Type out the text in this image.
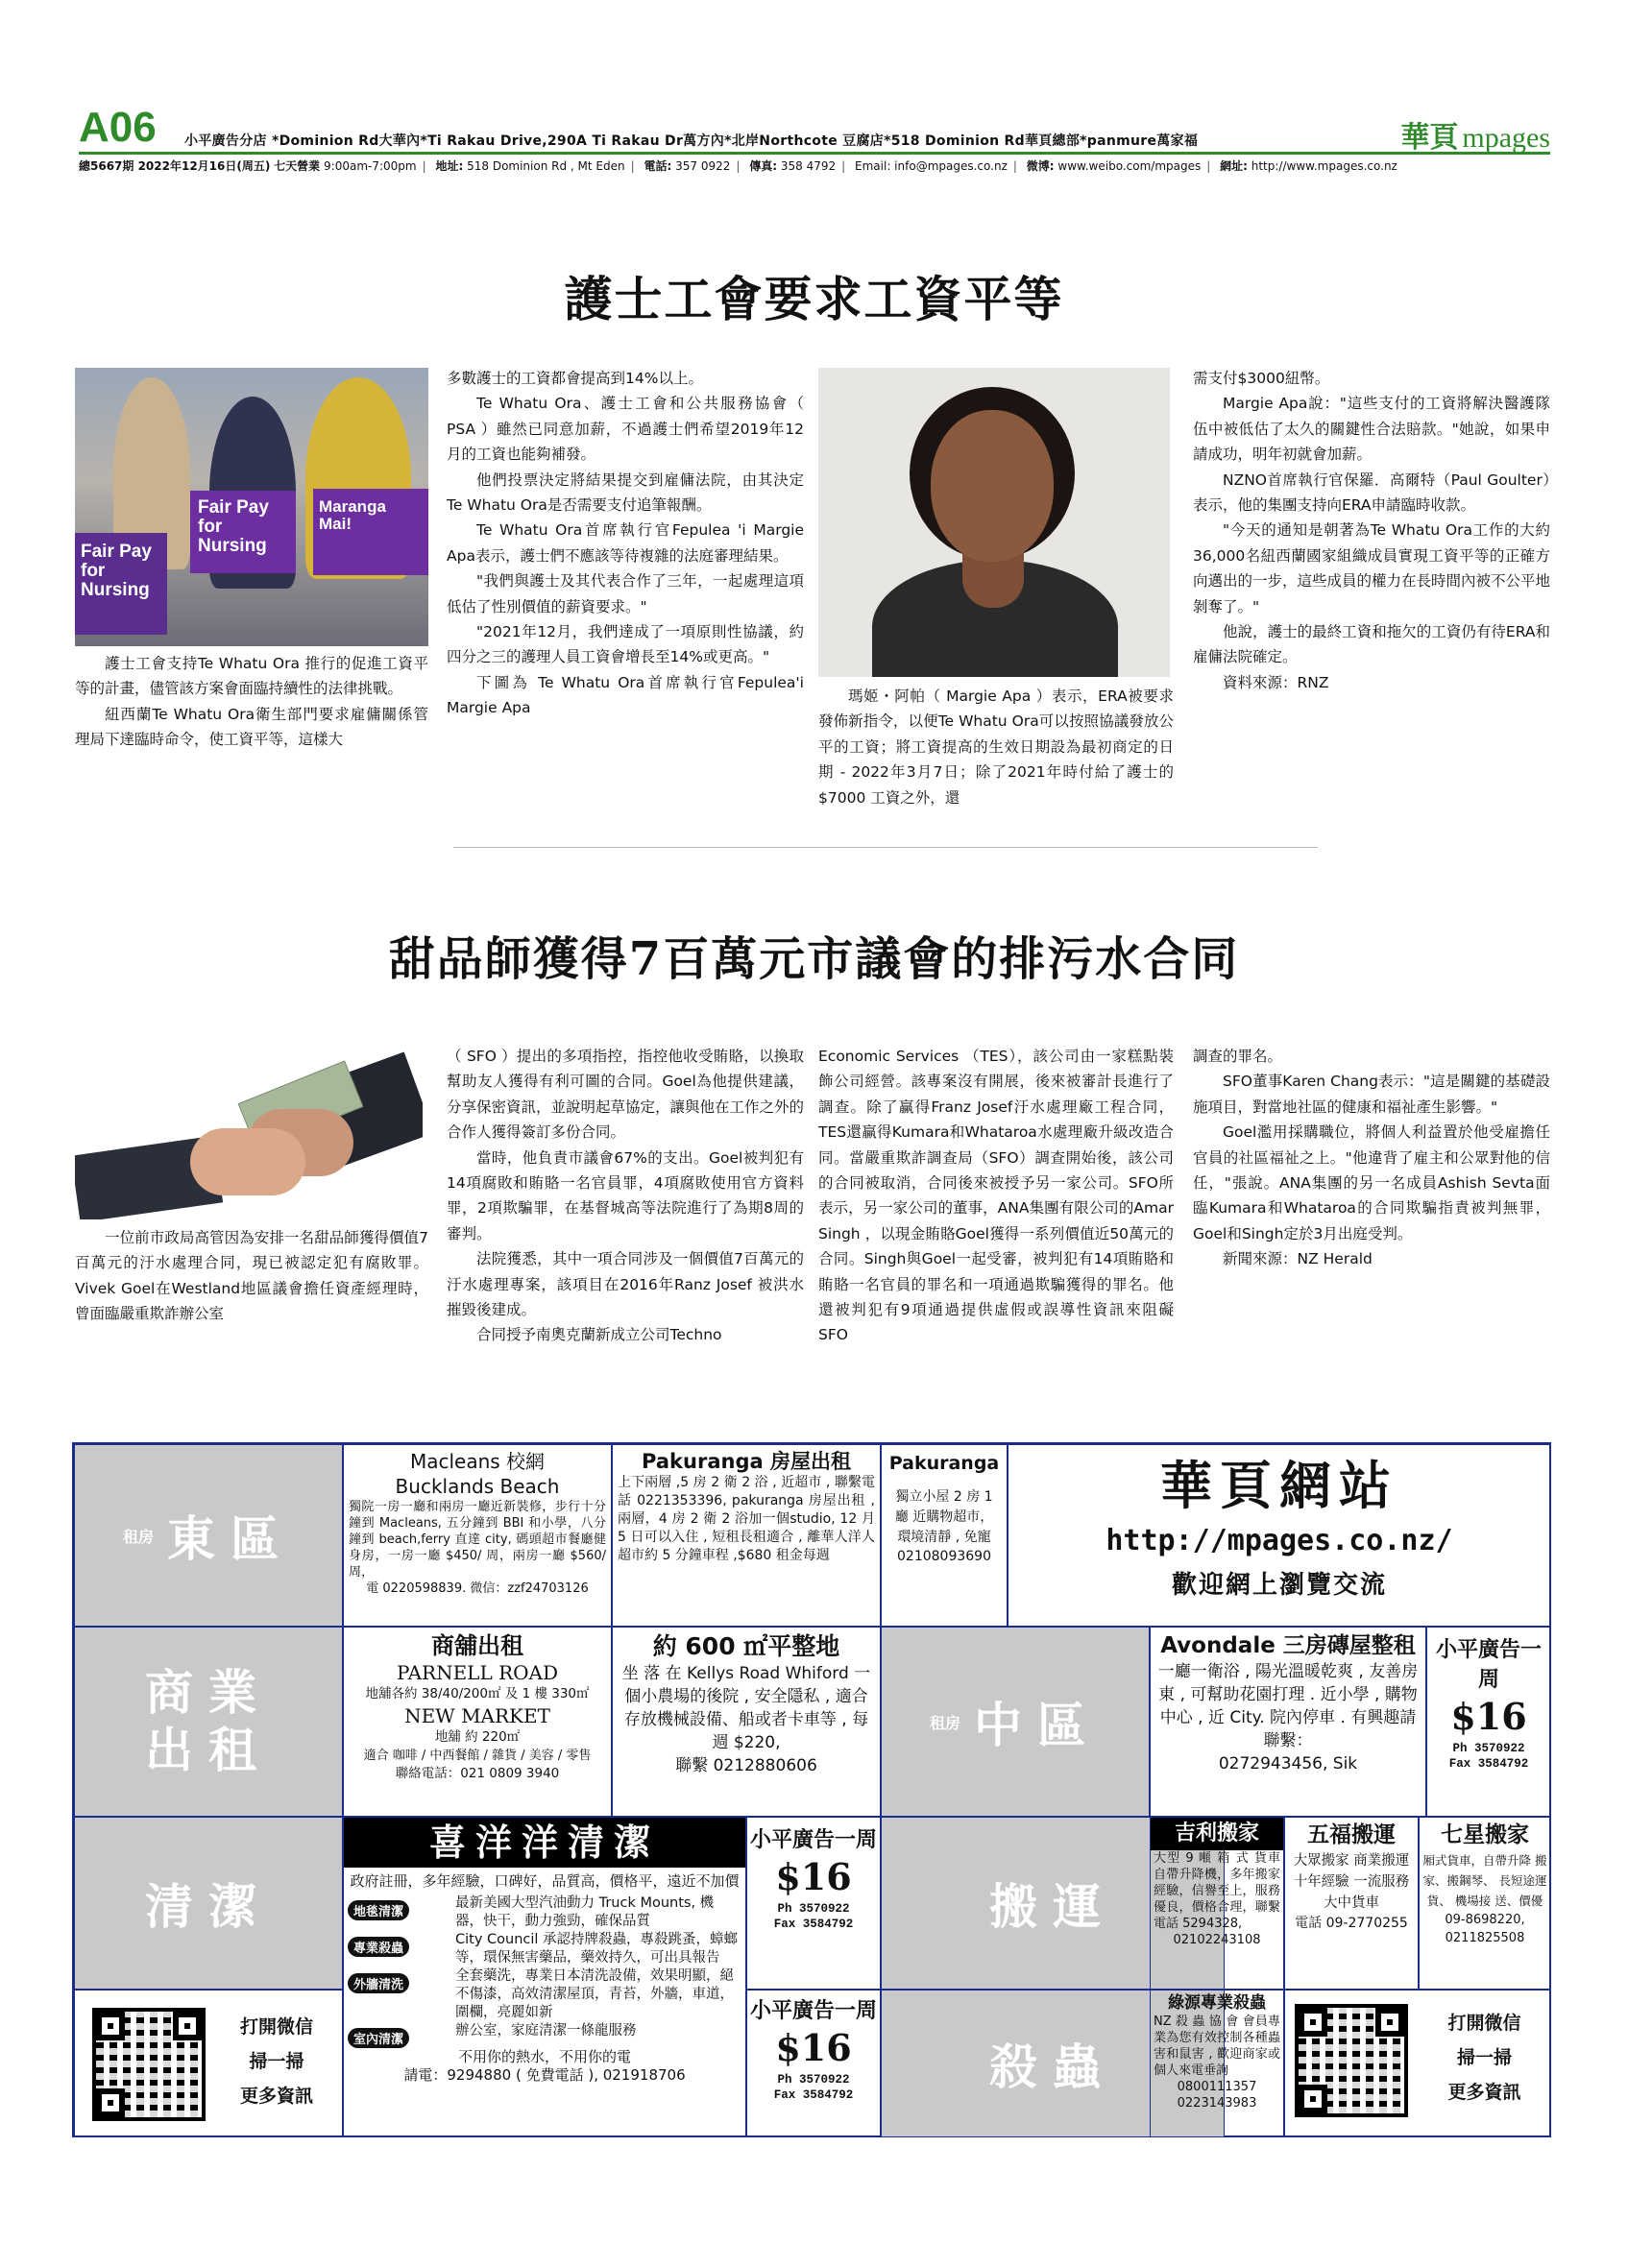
A06 小平廣告分店 *Dominion Rd大華內*Ti Rakau Drive,290A Ti Rakau Dr萬方內*北岸Northcote 豆腐店*518 Dominion Rd華頁總部*panmure萬家福	華頁 mpages
總5667期 2022年12月16日(周五) 七天營業 9:00am-7:00pm | 地址: 518 Dominion Rd , Mt Eden | 電話: 357 0922 | 傳真: 358 4792 | Email: info@mpages.co.nz | 微博: www.weibo.com/mpages | 網址: http://www.mpages.co.nz
護士工會要求工資平等
Fair Pay for Nursing
Maranga Mai!
Fair Pay for Nursing

護士工會支持Te Whatu Ora 推行的促進工資平等的計畫，儘管該方案會面臨持續性的法律挑戰。

紐西蘭Te Whatu Ora衛生部門要求雇傭關係管理局下達臨時命令，使工資平等，這樣大

多數護士的工資都會提高到14%以上。

Te Whatu Ora、護士工會和公共服務協會（ PSA ）雖然已同意加薪，不過護士們希望2019年12月的工資也能夠補發。

他們投票決定將結果提交到雇傭法院，由其決定Te Whatu Ora是否需要支付追筆報酬。

Te Whatu Ora首席執行官Fepulea 'i Margie Apa表示，護士們不應該等待複雜的法庭審理結果。

"我們與護士及其代表合作了三年，一起處理這項低估了性別價值的薪資要求。"

"2021年12月，我們達成了一項原則性協議，約四分之三的護理人員工資會增長至14%或更高。"

下圖為 Te Whatu Ora首席執行官Fepulea'i Margie Apa

瑪姬・阿帕（ Margie Apa ）表示，ERA被要求發佈新指令，以便Te Whatu Ora可以按照協議發放公平的工資；將工資提高的生效日期設為最初商定的日期 - 2022年3月7日；除了2021年時付給了護士的$7000 工資之外，還

需支付$3000紐幣。

Margie Apa說："這些支付的工資將解決醫護隊伍中被低估了太久的關鍵性合法賠款。"她說，如果申請成功，明年初就會加薪。

NZNO首席執行官保羅．高爾特（Paul Goulter）表示，他的集團支持向ERA申請臨時收款。

"今天的通知是朝著為Te Whatu Ora工作的大約36,000名紐西蘭國家組織成員實現工資平等的正確方向邁出的一步，這些成員的權力在長時間內被不公平地剝奪了。"

他說，護士的最終工資和拖欠的工資仍有待ERA和雇傭法院確定。

資料來源：RNZ

甜品師獲得7百萬元市議會的排污水合同

一位前市政局高管因為安排一名甜品師獲得價值7百萬元的汙水處理合同，現已被認定犯有腐敗罪。Vivek Goel在Westland地區議會擔任資產經理時，曾面臨嚴重欺詐辦公室

（ SFO ）提出的多項指控，指控他收受賄賂，以換取幫助友人獲得有利可圖的合同。Goel為他提供建議，分享保密資訊，並說明起草協定，讓與他在工作之外的合作人獲得簽訂多份合同。

當時，他負責市議會67%的支出。Goel被判犯有14項腐敗和賄賂一名官員罪，4項腐敗使用官方資料罪，2項欺騙罪，在基督城高等法院進行了為期8周的審判。

法院獲悉，其中一項合同涉及一個價值7百萬元的汙水處理專案，該項目在2016年Ranz Josef 被洪水摧毀後建成。

合同授予南奧克蘭新成立公司Techno

Economic Services （TES），該公司由一家糕點裝飾公司經營。該專案沒有開展，後來被審計長進行了調查。除了贏得Franz Josef汙水處理廠工程合同，TES還贏得Kumara和Whataroa水處理廠升級改造合同。當嚴重欺詐調查局（SFO）調查開始後，該公司的合同被取消，合同後來被授予另一家公司。SFO所表示，另一家公司的董事，ANA集團有限公司的Amar Singh ，以現金賄賂Goel獲得一系列價值近50萬元的合同。Singh與Goel一起受審，被判犯有14項賄賂和賄賂一名官員的罪名和一項通過欺騙獲得的罪名。他還被判犯有9項通過提供虛假或誤導性資訊來阻礙 SFO

調查的罪名。

SFO董事Karen Chang表示："這是關鍵的基礎設施項目，對當地社區的健康和福祉產生影響。"

Goel濫用採購職位，將個人利益置於他受雇擔任官員的社區福祉之上。"他違背了雇主和公眾對他的信任，"張說。ANA集團的另一名成員Ashish Sevta面臨Kumara和Whataroa的合同欺騙指責被判無罪，Goel和Singh定於3月出庭受判。

新聞來源：NZ Herald

租房 東區
Macleans 校網
Bucklands Beach
獨院一房一廳和兩房一廳近新裝修，步行十分鐘到 Macleans, 五分鐘到 BBI 和小學，八分鐘到 beach,ferry 直達 city, 碼頭超市餐廳健身房，一房一廳 $450/ 周，兩房一廳 $560/ 周，
電 0220598839. 微信：zzf24703126
Pakuranga 房屋出租
上下兩層 ,5 房 2 衛 2 浴 , 近超市 , 聯繫電話 0221353396, pakuranga 房屋出租 , 兩層，4 房 2 衛 2 浴加一個studio, 12 月 5 日可以入住 , 短租長租適合 , 離華人洋人超市約 5 分鐘車程 ,$680 租金每週
Pakuranga
獨立小屋 2 房 1 廳 近購物超市， 環境清靜 , 免寵
02108093690
華頁網站
http://mpages.co.nz/
歡迎網上瀏覽交流
商業出租
商舖出租
PARNELL ROAD
地舖各約 38/40/200㎡ 及 1 樓 330㎡
NEW MARKET
地舖 約 220㎡
適合 咖啡 / 中西餐館 / 雜貨 / 美容 / 零售
聯絡電話：021 0809 3940
約 600 ㎡平整地
坐 落 在 Kellys Road Whiford 一個小農場的後院 , 安全隱私 , 適合存放機械設備、船或者卡車等 , 每週 $220,
聯繫 0212880606
租房 中區
Avondale 三房磚屋整租
一廳一衛浴 , 陽光溫暖乾爽 , 友善房東 , 可幫助花園打理 . 近小學 , 購物中心 , 近 City. 院內停車 . 有興趣請聯繫：
0272943456, Sik
小平廣告一周
$16
Ph 3570922
Fax 3584792
清潔
打開微信
掃一掃
更多資訊
喜洋洋清潔
政府註冊，多年經驗，口碑好，品質高，價格平，遠近不加價
地毯清潔
最新美國大型汽油動力 Truck Mounts, 機器，快干，動力強勁，確保品質
專業殺蟲
City Council 承認持牌殺蟲，專殺跳蚤，蟑螂等，環保無害藥品，藥效持久，可出具報告
外牆清洗
全套藥洗，專業日本清洗設備，效果明顯，絕不傷漆，高效清潔屋頂，青苔，外牆，車道，圍欄，亮麗如新
室內清潔
辦公室，家庭清潔一條龍服務
不用你的熱水，不用你的電
請電：9294880 ( 免費電話 ), 021918706
小平廣告一周
$16
Ph 3570922
Fax 3584792
小平廣告一周
$16
Ph 3570922
Fax 3584792
搬運
殺蟲
吉利搬家
大型 9 噸 箱 式 貨車自帶升降機，多年搬家經驗，信譽至上，服務優良，價格合理，聯繫電話 5294328,
02102243108
五福搬運
大眾搬家 商業搬運 十年經驗 一流服務 大中貨車
電話 09-2770255
七星搬家
厢式貨車，自帶升降 搬家、搬鋼琴、 長短途運貨、 機場接 送、價優
09-8698220, 0211825508
綠源專業殺蟲
NZ 殺 蟲 協 會 會員專業為您有效控制各種蟲害和鼠害 , 歡迎商家或個人來電垂詢
0800111357
0223143983
打開微信
掃一掃
更多資訊
